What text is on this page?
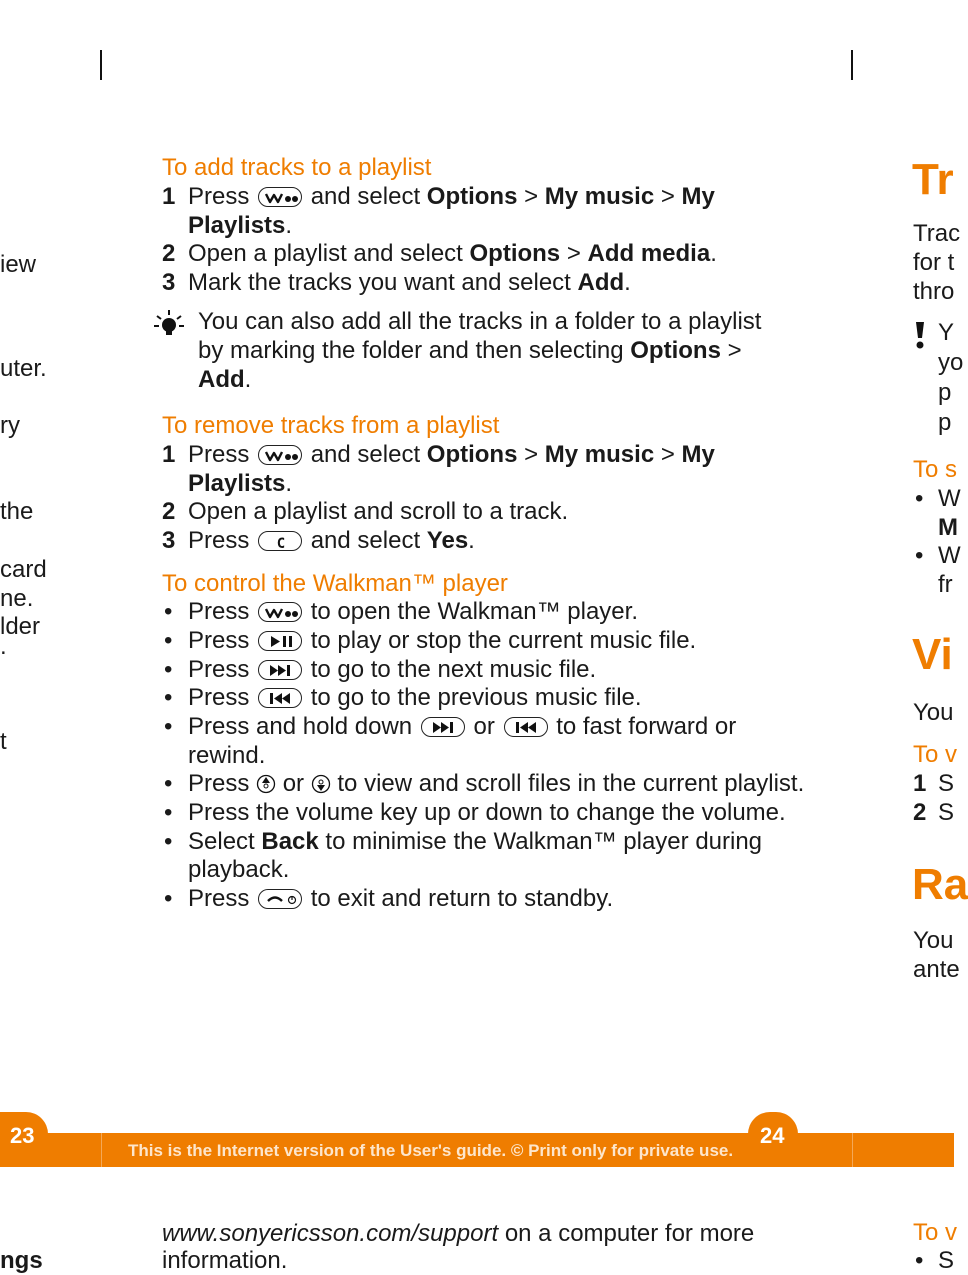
iew
uter.
ry
the
card
ne.
lder
.
t
ngs
To add tracks to a playlist
1 Press	and select Options > My music > My
Playlists.
2 Open a playlist and select Options > Add media.
3 Mark the tracks you want and select Add.
You can also add all the tracks in a folder to a playlist
by marking the folder and then selecting Options >
Add.
To remove tracks from a playlist
1 Press	and select Options > My music > My
Playlists.
2 Open a playlist and scroll to a track.
3 Press C and select Yes.
To control the Walkman™ player
• Press	to open the Walkman™ player.
• Press	to play or stop the current music file.
• Press	to go to the next music file.
• Press	to go to the previous music file.
• Press and hold down	or	to fast forward or
rewind.
• Press or to view and scroll files in the current playlist.
• Press the volume key up or down to change the volume.
• Select Back to minimise the Walkman™ player during
playback.
• Press	to exit and return to standby.
Tr
Trac
for t
thro
Y
yo
p
p
To s
• W
M
• W
fr
Vi
You
To v
1 S
2 S
Ra
You
ante
To v
• S
23	24
This is the Internet version of the User's guide. © Print only for private use.
www.sonyericsson.com/support on a computer for more
information.
